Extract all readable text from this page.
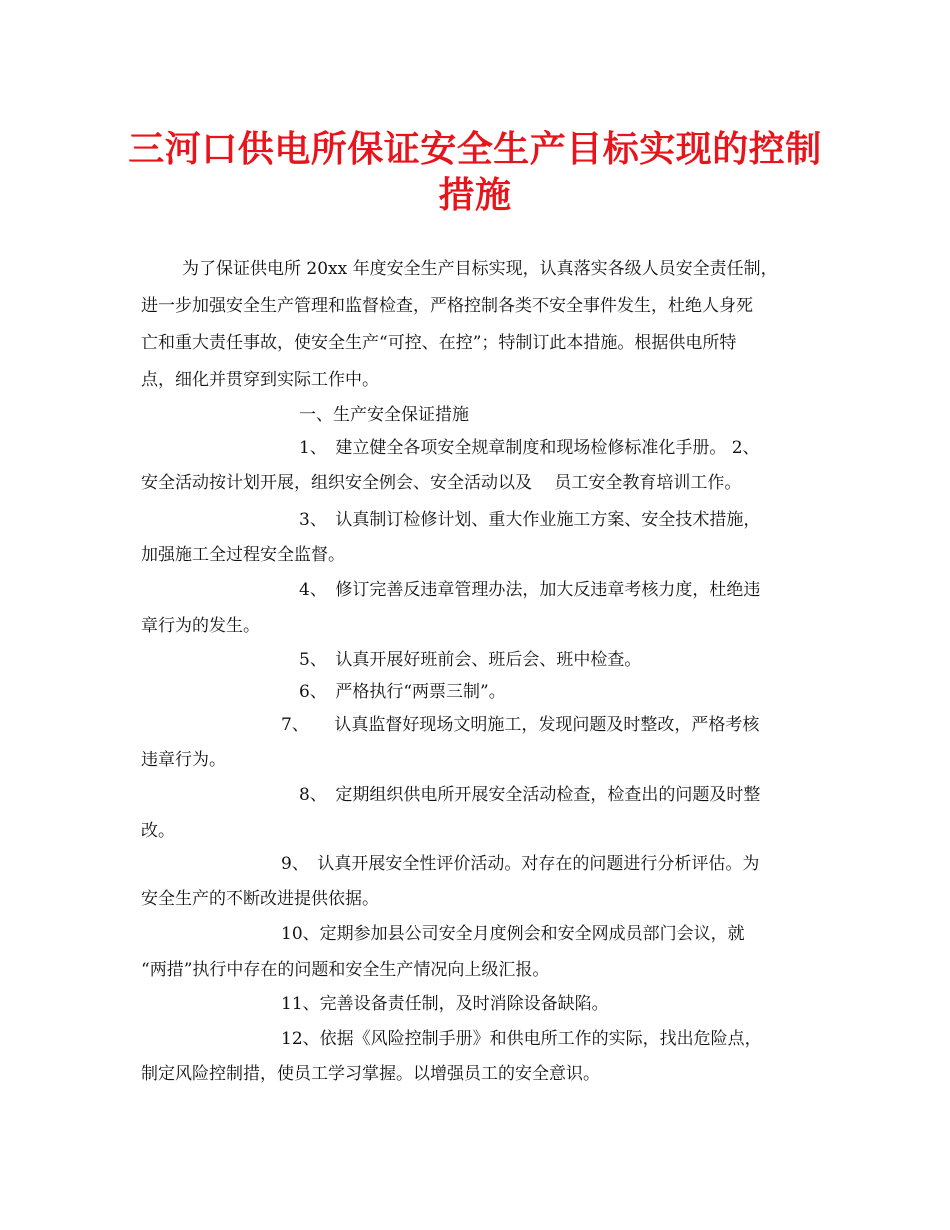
三河口供电所保证安全生产目标实现的控制
措施
为了保证供电所 20xx 年度安全生产目标实现，认真落实各级人员安全责任制，
进一步加强安全生产管理和监督检查，严格控制各类不安全事件发生，杜绝人身死
亡和重大责任事故，使安全生产“可控、在控”；特制订此本措施。根据供电所特
点，细化并贯穿到实际工作中。
一、生产安全保证措施
1、　建立健全各项安全规章制度和现场检修标准化手册。 2、
安全活动按计划开展，组织安全例会、安全活动以及　 员工安全教育培训工作。
3、　认真制订检修计划、重大作业施工方案、安全技术措施，
加强施工全过程安全监督。
4、　修订完善反违章管理办法，加大反违章考核力度，杜绝违
章行为的发生。
5、　认真开展好班前会、班后会、班中检查。
6、　严格执行“两票三制”。
7、　　认真监督好现场文明施工，发现问题及时整改，严格考核
违章行为。
8、　定期组织供电所开展安全活动检查，检查出的问题及时整
改。
9、　认真开展安全性评价活动。对存在的问题进行分析评估。为
安全生产的不断改进提供依据。
10、定期参加县公司安全月度例会和安全网成员部门会议，就
“两措”执行中存在的问题和安全生产情况向上级汇报。
11、完善设备责任制，及时消除设备缺陷。
12、依据《风险控制手册》和供电所工作的实际，找出危险点，
制定风险控制措，使员工学习掌握。以增强员工的安全意识。
